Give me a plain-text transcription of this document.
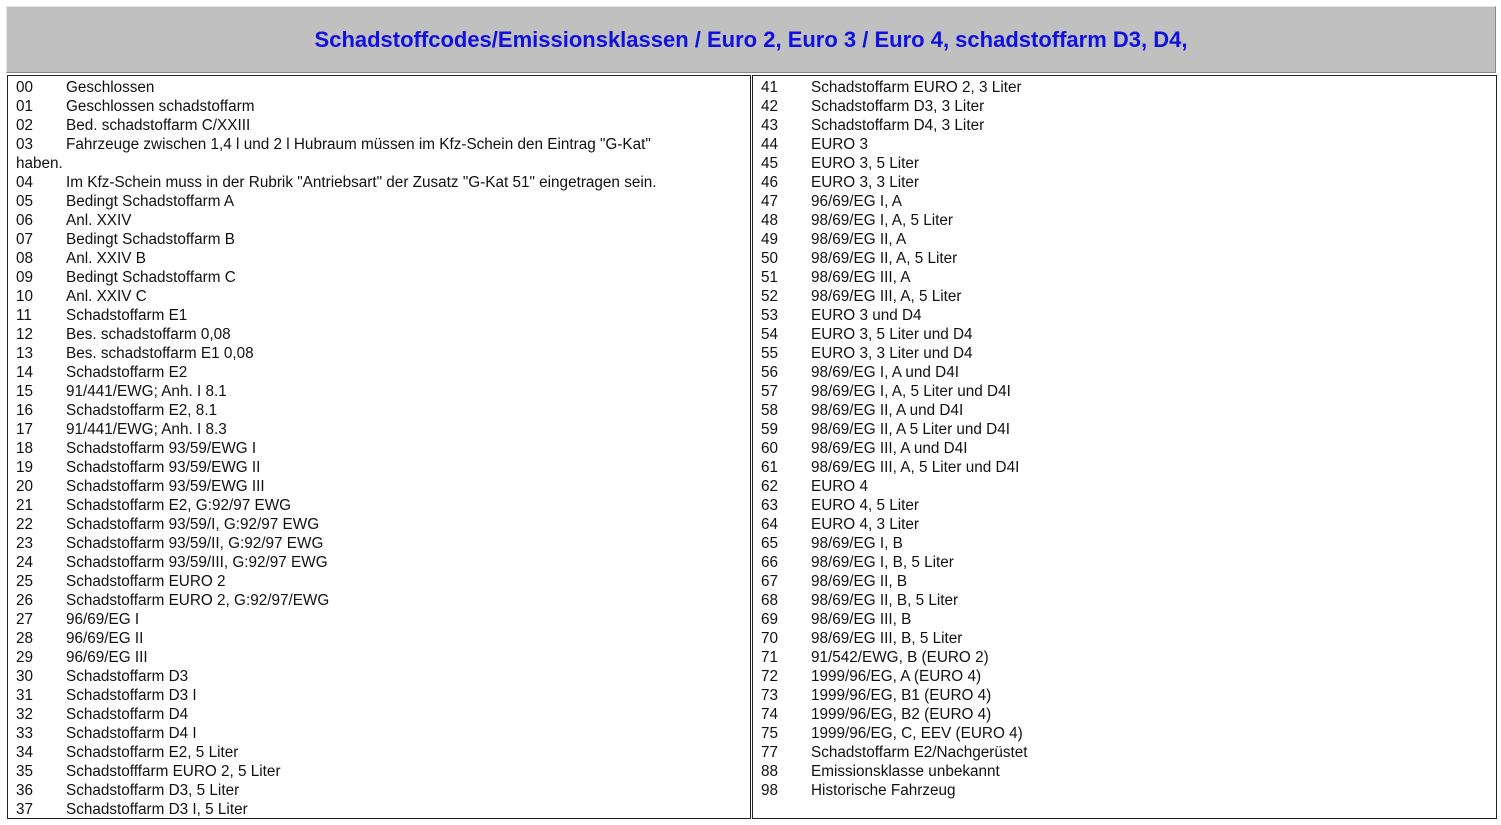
Schadstoffcodes/Emissionsklassen / Euro 2, Euro 3 / Euro 4, schadstoffarm D3, D4,
00 Geschlossen
01 Geschlossen schadstoffarm
02 Bed. schadstoffarm C/XXIII
03 Fahrzeuge zwischen 1,4 l und 2 l Hubraum müssen im Kfz-Schein den Eintrag "G-Kat"
haben.
04 Im Kfz-Schein muss in der Rubrik "Antriebsart" der Zusatz "G-Kat 51" eingetragen sein.
05 Bedingt Schadstoffarm A
06 Anl. XXIV
07 Bedingt Schadstoffarm B
08 Anl. XXIV B
09 Bedingt Schadstoffarm C
10 Anl. XXIV C
11 Schadstoffarm E1
12 Bes. schadstoffarm 0,08
13 Bes. schadstoffarm E1 0,08
14 Schadstoffarm E2
15 91/441/EWG; Anh. I 8.1
16 Schadstoffarm E2, 8.1
17 91/441/EWG; Anh. I 8.3
18 Schadstoffarm 93/59/EWG I
19 Schadstoffarm 93/59/EWG II
20 Schadstoffarm 93/59/EWG III
21 Schadstoffarm E2, G:92/97 EWG
22 Schadstoffarm 93/59/I, G:92/97 EWG
23 Schadstoffarm 93/59/II, G:92/97 EWG
24 Schadstoffarm 93/59/III, G:92/97 EWG
25 Schadstoffarm EURO 2
26 Schadstoffarm EURO 2, G:92/97/EWG
27 96/69/EG I
28 96/69/EG II
29 96/69/EG III
30 Schadstoffarm D3
31 Schadstoffarm D3 I
32 Schadstoffarm D4
33 Schadstoffarm D4 I
34 Schadstoffarm E2, 5 Liter
35 Schadstofffarm EURO 2, 5 Liter
36 Schadstoffarm D3, 5 Liter
37 Schadstoffarm D3 I, 5 Liter
41 Schadstoffarm EURO 2, 3 Liter
42 Schadstoffarm D3, 3 Liter
43 Schadstoffarm D4, 3 Liter
44 EURO 3
45 EURO 3, 5 Liter
46 EURO 3, 3 Liter
47 96/69/EG I, A
48 98/69/EG I, A, 5 Liter
49 98/69/EG II, A
50 98/69/EG II, A, 5 Liter
51 98/69/EG III, A
52 98/69/EG III, A, 5 Liter
53 EURO 3 und D4
54 EURO 3, 5 Liter und D4
55 EURO 3, 3 Liter und D4
56 98/69/EG I, A und D4I
57 98/69/EG I, A, 5 Liter und D4I
58 98/69/EG II, A und D4I
59 98/69/EG II, A 5 Liter und D4I
60 98/69/EG III, A und D4I
61 98/69/EG III, A, 5 Liter und D4I
62 EURO 4
63 EURO 4, 5 Liter
64 EURO 4, 3 Liter
65 98/69/EG I, B
66 98/69/EG I, B, 5 Liter
67 98/69/EG II, B
68 98/69/EG II, B, 5 Liter
69 98/69/EG III, B
70 98/69/EG III, B, 5 Liter
71 91/542/EWG, B (EURO 2)
72 1999/96/EG, A (EURO 4)
73 1999/96/EG, B1 (EURO 4)
74 1999/96/EG, B2 (EURO 4)
75 1999/96/EG, C, EEV (EURO 4)
77 Schadstoffarm E2/Nachgerüstet
88 Emissionsklasse unbekannt
98 Historische Fahrzeug
